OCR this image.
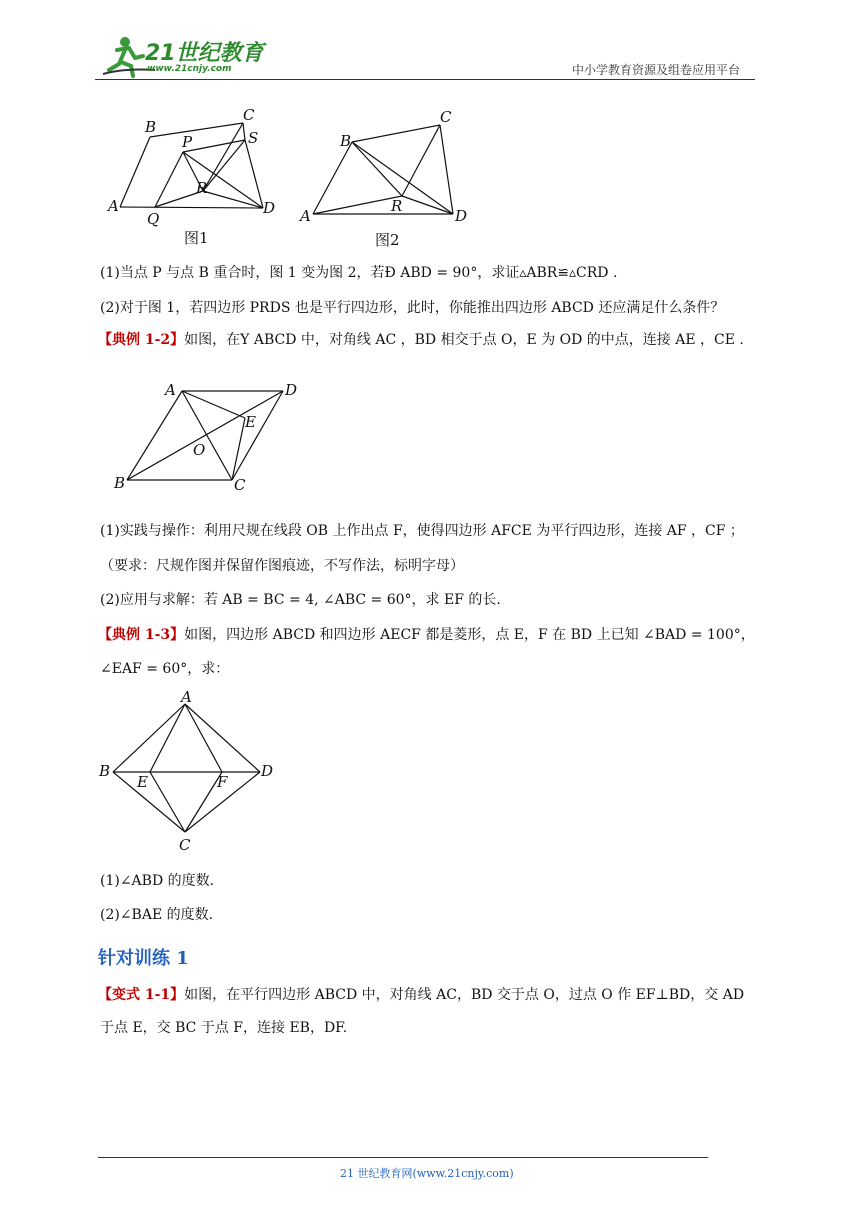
21世纪教育
www.21cnjy.com	中小学教育资源及组卷应用平台
A
B
C
D
P	S
R
Q
图1
A
B
C
D
R
图2
(1)当点 P 与点 B 重合时，图 1 变为图 2，若Ð ABD = 90°，求证▵ABR≌▵CRD .
(2)对于图 1，若四边形 PRDS 也是平行四边形，此时，你能推出四边形 ABCD 还应满足什么条件？
【典例 1-2】如图，在Y ABCD 中，对角线 AC ，BD 相交于点 O，E 为 OD 的中点，连接 AE ，CE .
A	D
E
O
B	C
(1)实践与操作：利用尺规在线段 OB 上作出点 F，使得四边形 AFCE 为平行四边形，连接 AF ，CF ；
（要求：尺规作图并保留作图痕迹，不写作法，标明字母）
(2)应用与求解：若 AB = BC = 4, ∠ABC = 60°，求 EF 的长.
【典例 1-3】如图，四边形 ABCD 和四边形 AECF 都是菱形，点 E，F 在 BD 上已知 ∠BAD = 100°，
∠EAF = 60°，求：
A
B	D
E	F
C
(1)∠ABD 的度数.
(2)∠BAE 的度数.
针对训练 1
【变式 1-1】如图，在平行四边形 ABCD 中，对角线 AC，BD 交于点 O，过点 O 作 EF⊥BD，交 AD
于点 E，交 BC 于点 F，连接 EB，DF.
21 世纪教育网(www.21cnjy.com)
